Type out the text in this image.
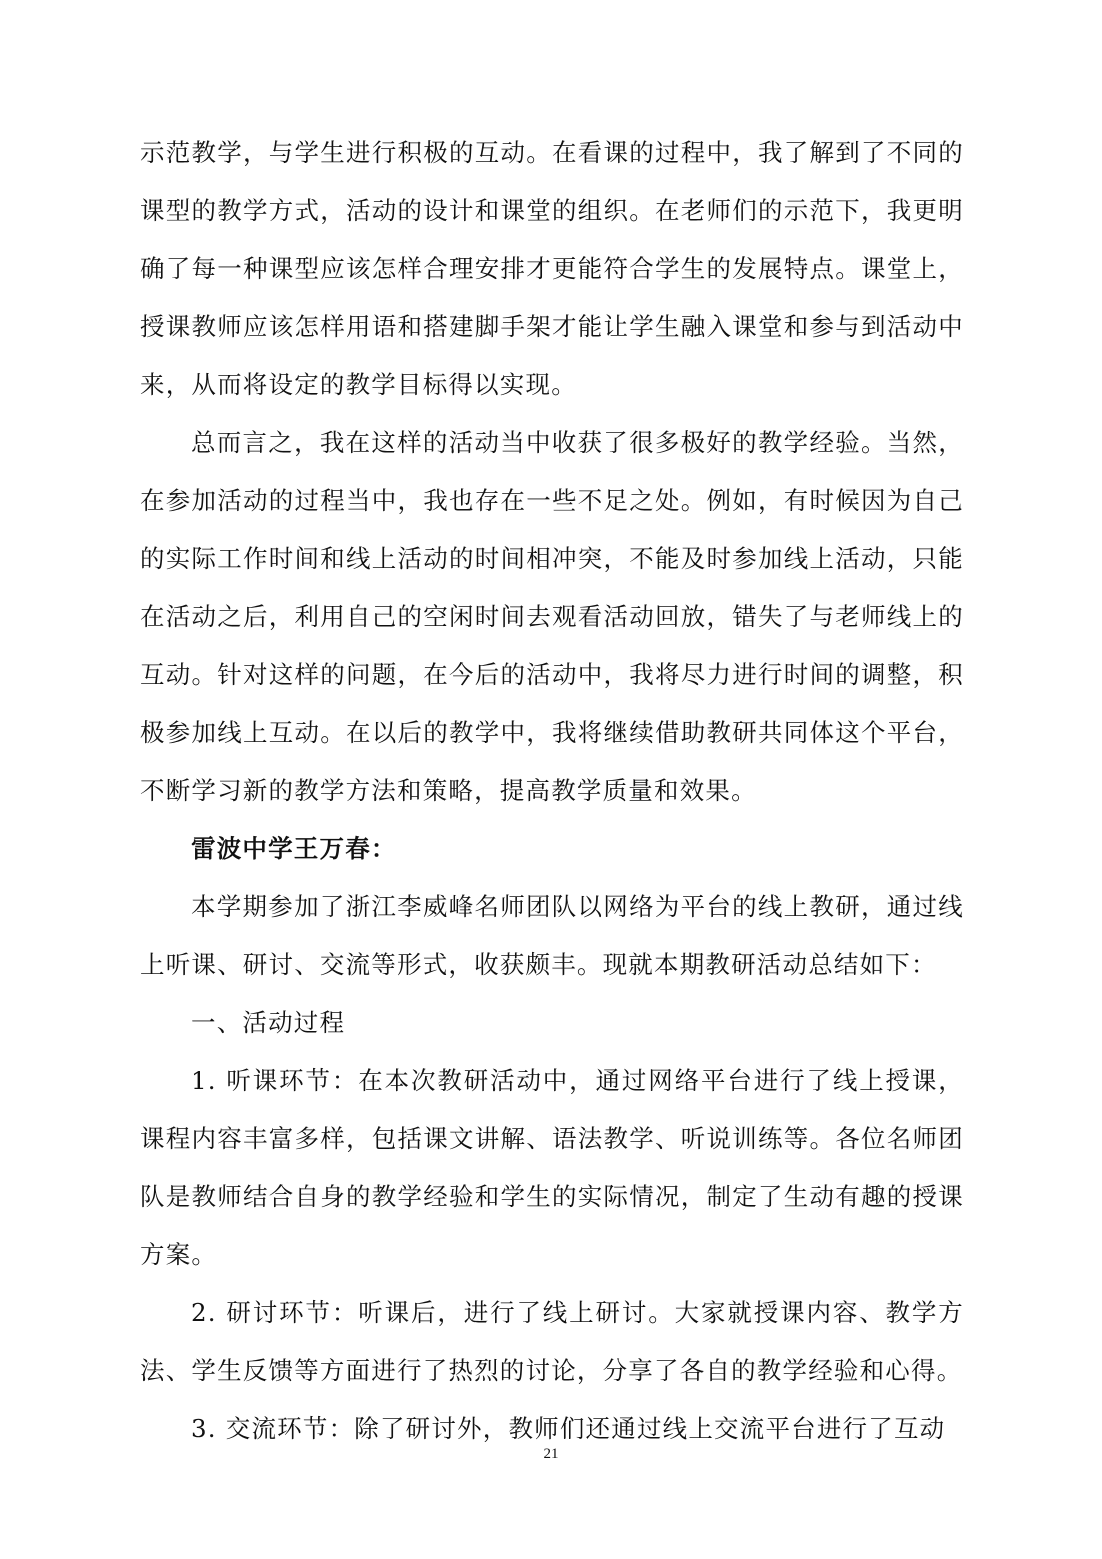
示范教学，与学生进行积极的互动。在看课的过程中，我了解到了不同的课型的教学方式，活动的设计和课堂的组织。在老师们的示范下，我更明确了每一种课型应该怎样合理安排才更能符合学生的发展特点。课堂上，授课教师应该怎样用语和搭建脚手架才能让学生融入课堂和参与到活动中来，从而将设定的教学目标得以实现。

总而言之，我在这样的活动当中收获了很多极好的教学经验。当然，在参加活动的过程当中，我也存在一些不足之处。例如，有时候因为自己的实际工作时间和线上活动的时间相冲突，不能及时参加线上活动，只能在活动之后，利用自己的空闲时间去观看活动回放，错失了与老师线上的互动。针对这样的问题，在今后的活动中，我将尽力进行时间的调整，积极参加线上互动。在以后的教学中，我将继续借助教研共同体这个平台，不断学习新的教学方法和策略，提高教学质量和效果。

雷波中学王万春：

本学期参加了浙江李威峰名师团队以网络为平台的线上教研，通过线上听课、研讨、交流等形式，收获颇丰。现就本期教研活动总结如下：

一、活动过程

1. 听课环节：在本次教研活动中，通过网络平台进行了线上授课，课程内容丰富多样，包括课文讲解、语法教学、听说训练等。各位名师团队是教师结合自身的教学经验和学生的实际情况，制定了生动有趣的授课方案。

2. 研讨环节：听课后，进行了线上研讨。大家就授课内容、教学方法、学生反馈等方面进行了热烈的讨论，分享了各自的教学经验和心得。

3. 交流环节：除了研讨外，教师们还通过线上交流平台进行了互动

21
